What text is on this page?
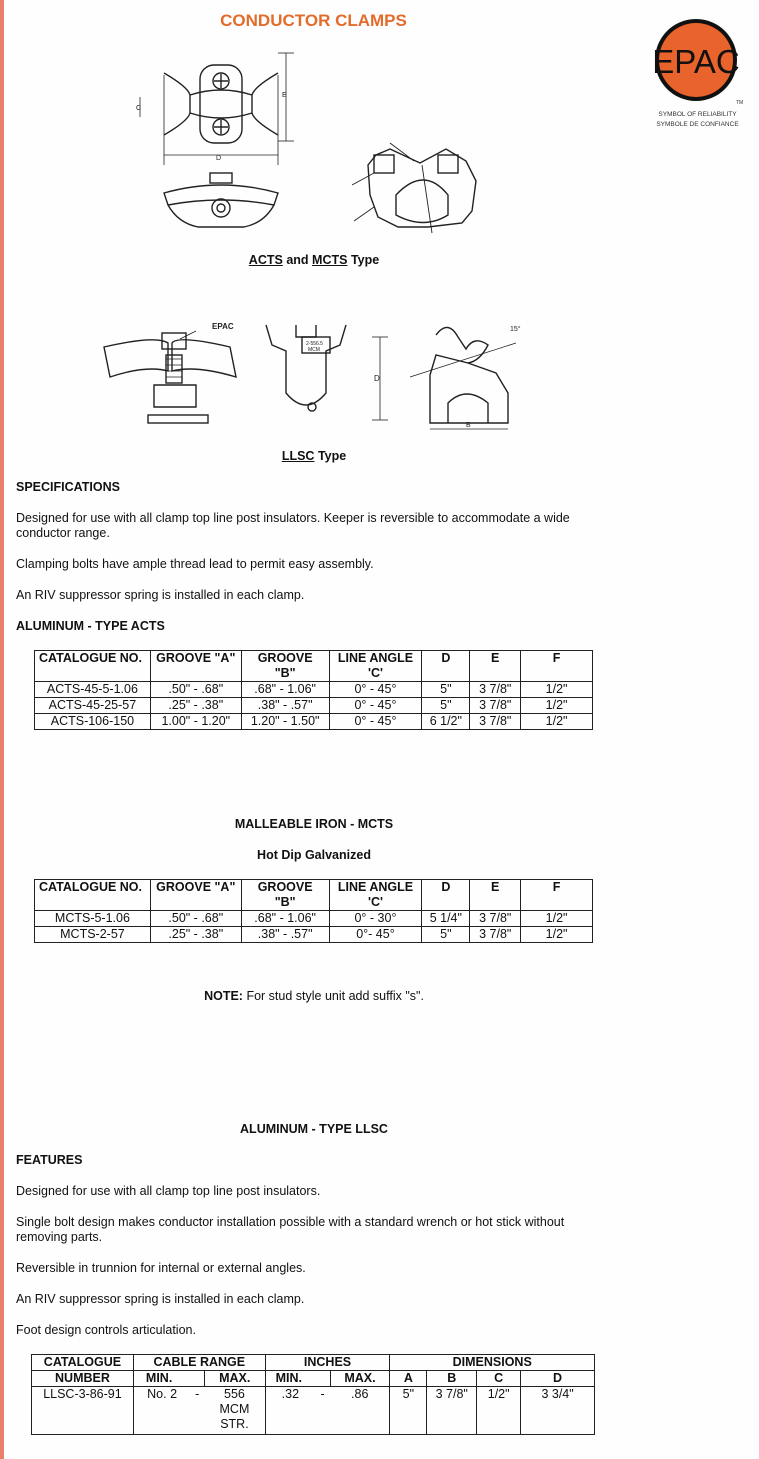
CONDUCTOR CLAMPS
EPAC
TM
SYMBOL OF RELIABILITY
SYMBOLE DE CONFIANCE
D
E
C
ACTS and MCTS Type
EPAC
2-556.5
MCM
D
B
15°
LLSC Type
SPECIFICATIONS
Designed for use with all clamp top line post insulators. Keeper is reversible to accommodate a wide
conductor range.
Clamping bolts have ample thread lead to permit easy assembly.
An RIV suppressor spring is installed in each clamp.
ALUMINUM - TYPE ACTS
CATALOGUE NO.	GROOVE "A"	GROOVE "B"	LINE ANGLE 'C'	D	E	F
ACTS-45-5-1.06	.50" - .68"	.68" - 1.06"	0° - 45°	5"	3 7/8"	1/2"
ACTS-45-25-57	.25" - .38"	.38" - .57"	0° - 45°	5"	3 7/8"	1/2"
ACTS-106-150	1.00" - 1.20"	1.20" - 1.50"	0° - 45°	6 1/2"	3 7/8"	1/2"
MALLEABLE IRON - MCTS
Hot Dip Galvanized
CATALOGUE NO.	GROOVE "A"	GROOVE "B"	LINE ANGLE 'C'	D	E	F
MCTS-5-1.06	.50" - .68"	.68" - 1.06"	0° - 30°	5 1/4"	3 7/8"	1/2"
MCTS-2-57	.25" - .38"	.38" - .57"	0°- 45°	5"	3 7/8"	1/2"
NOTE: For stud style unit add suffix "s".
ALUMINUM - TYPE LLSC
FEATURES
Designed for use with all clamp top line post insulators.
Single bolt design makes conductor installation possible with a standard wrench or hot stick without
removing parts.
Reversible in trunnion for internal or external angles.
An RIV suppressor spring is installed in each clamp.
Foot design controls articulation.
CATALOGUE	CABLE RANGE			INCHES			DIMENSIONS			
NUMBER	MIN.		MAX.	MIN.		MAX.	A	B	C	D
LLSC-3-86-91	No. 2	-	556 MCM STR.	.32	-	.86	5"	3 7/8"	1/2"	3 3/4"
